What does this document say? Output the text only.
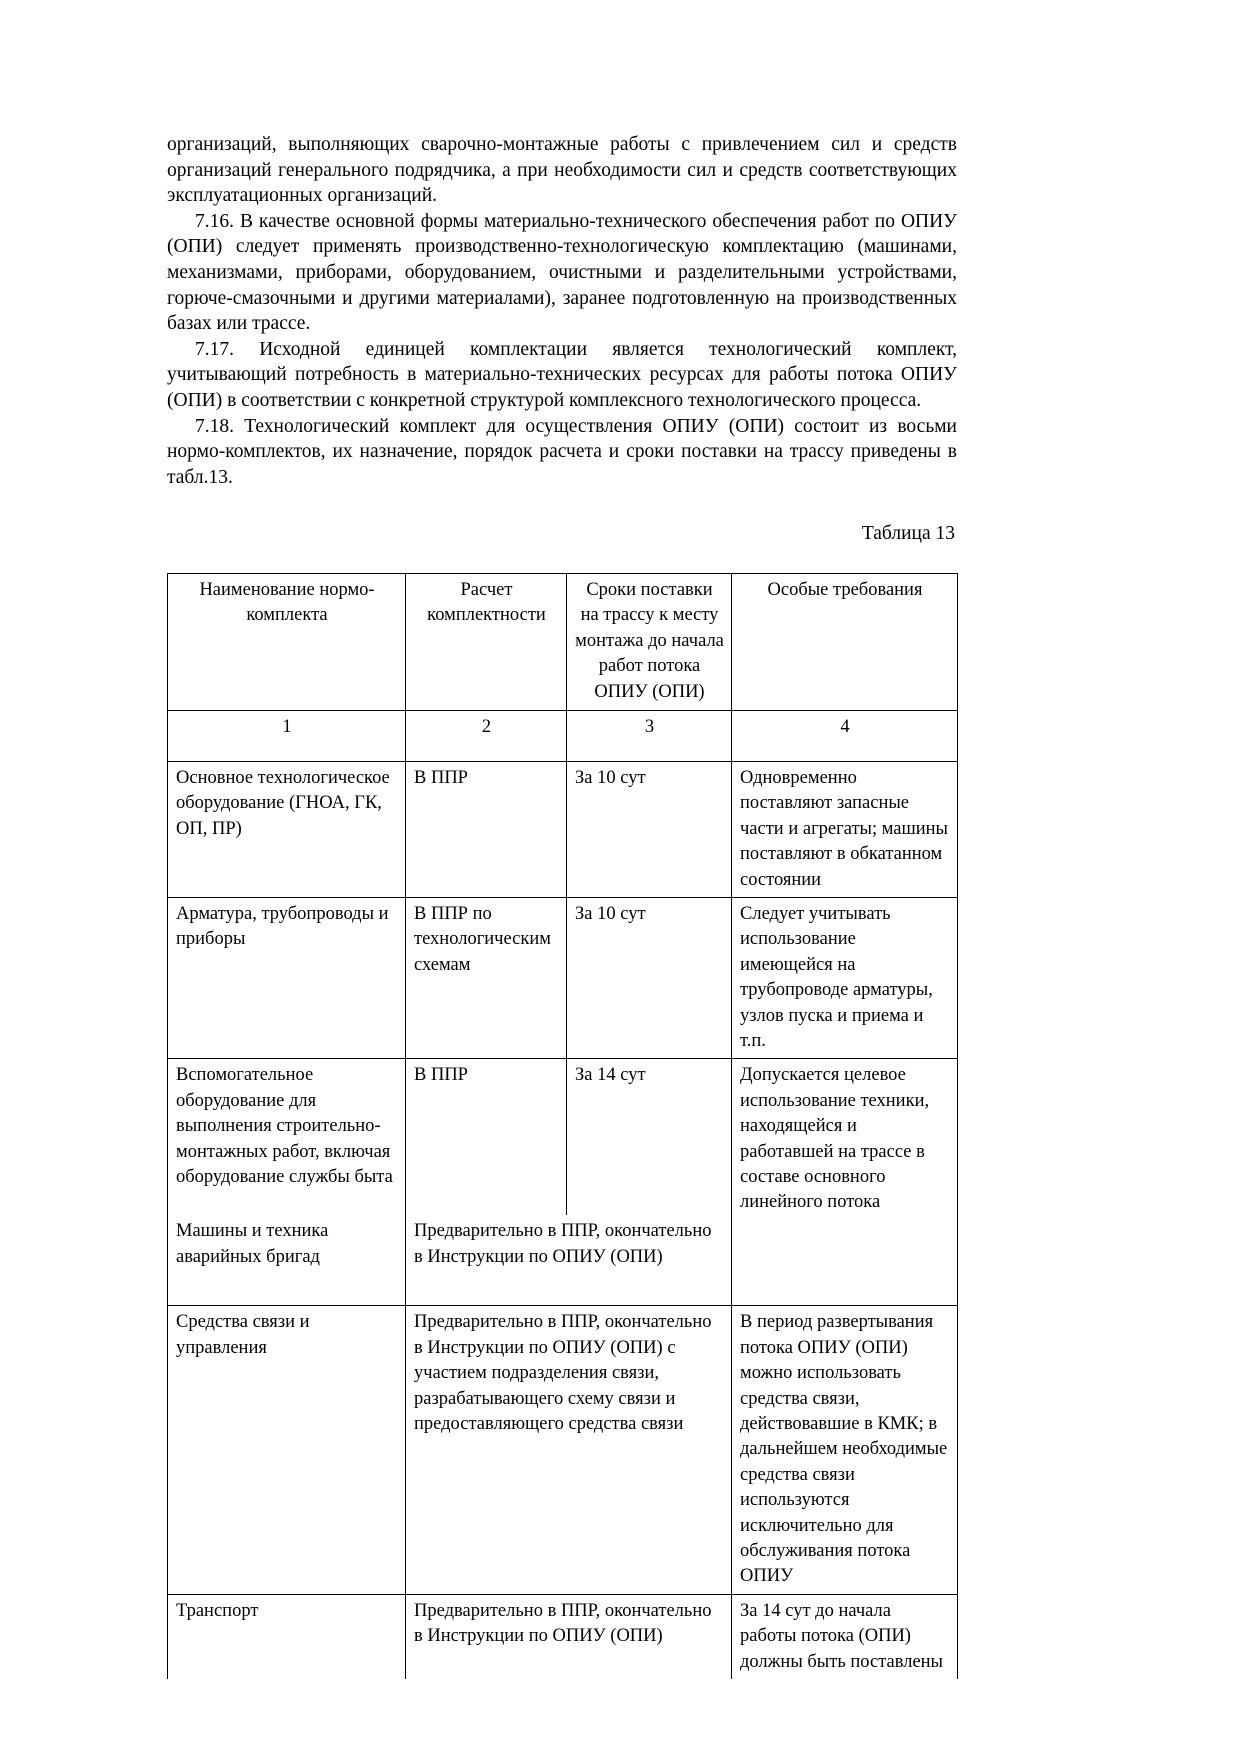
организаций, выполняющих сварочно-монтажные работы с привлечением сил и средств организаций генерального подрядчика, а при необходимости сил и средств соответствующих эксплуатационных организаций.

7.16. В качестве основной формы материально-технического обеспечения работ по ОПИУ (ОПИ) следует применять производственно-технологическую комплектацию (машинами, механизмами, приборами, оборудованием, очистными и разделительными устройствами, горюче-смазочными и другими материалами), заранее подготовленную на производственных базах или трассе.

7.17. Исходной единицей комплектации является технологический комплект, учитывающий потребность в материально-технических ресурсах для работы потока ОПИУ (ОПИ) в соответствии с конкретной структурой комплексного технологического процесса.

7.18. Технологический комплект для осуществления ОПИУ (ОПИ) состоит из восьми нормо-комплектов, их назначение, порядок расчета и сроки поставки на трассу приведены в табл.13.

Таблица 13

Наименование нормо-комплекта	Расчет комплектности	Сроки поставки на трассу к месту монтажа до начала работ потока ОПИУ (ОПИ)	Особые требования
1	2	3	4
Основное технологическое оборудование (ГНОА, ГК, ОП, ПР)	В ППР	За 10 сут	Одновременно поставляют запасные части и агрегаты; машины поставляют в обкатанном состоянии
Арматура, трубопроводы и приборы	В ППР по технологическим схемам	За 10 сут	Следует учитывать использование имеющейся на трубопроводе арматуры, узлов пуска и приема и т.п.
Вспомогательное оборудование для выполнения строительно-монтажных работ, включая оборудование службы быта	В ППР	За 14 сут	Допускается целевое использование техники, находящейся и работавшей на трассе в составе основного линейного потока
Машины и техника аварийных бригад	Предварительно в ППР, окончательно в Инструкции по ОПИУ (ОПИ)		
Средства связи и управления	Предварительно в ППР, окончательно в Инструкции по ОПИУ (ОПИ) с участием подразделения связи, разрабатывающего схему связи и предоставляющего средства связи		В период развертывания потока ОПИУ (ОПИ) можно использовать средства связи, действовавшие в КМК; в дальнейшем необходимые средства связи используются исключительно для обслуживания потока ОПИУ
Транспорт	Предварительно в ППР, окончательно в Инструкции по ОПИУ (ОПИ)		За 14 сут до начала работы потока (ОПИ) должны быть поставлены
